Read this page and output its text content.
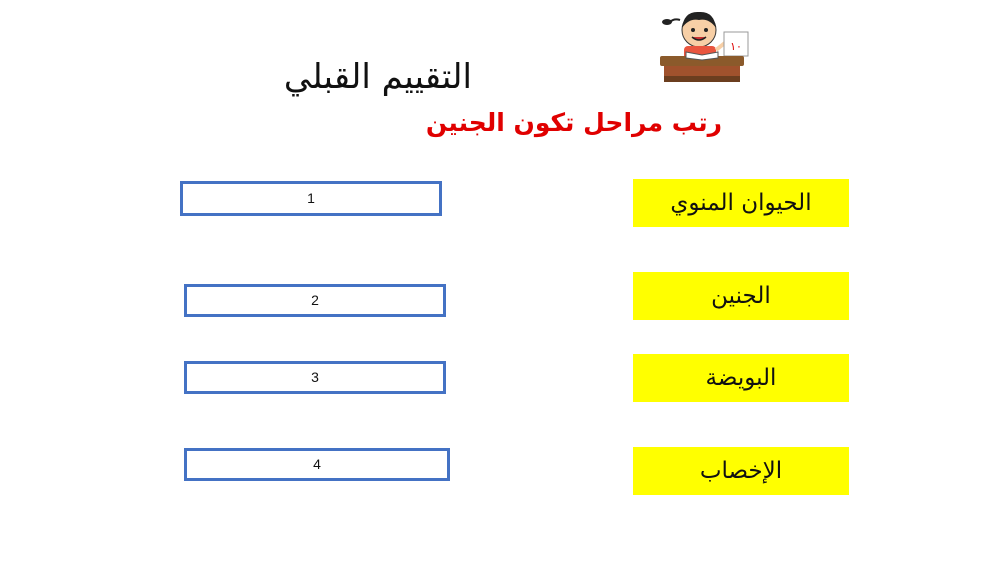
التقييم القبلي
رتب مراحل تكون الجنين
١٠
1
2
3
4
الحيوان المنوي
الجنين
البويضة
الإخصاب
